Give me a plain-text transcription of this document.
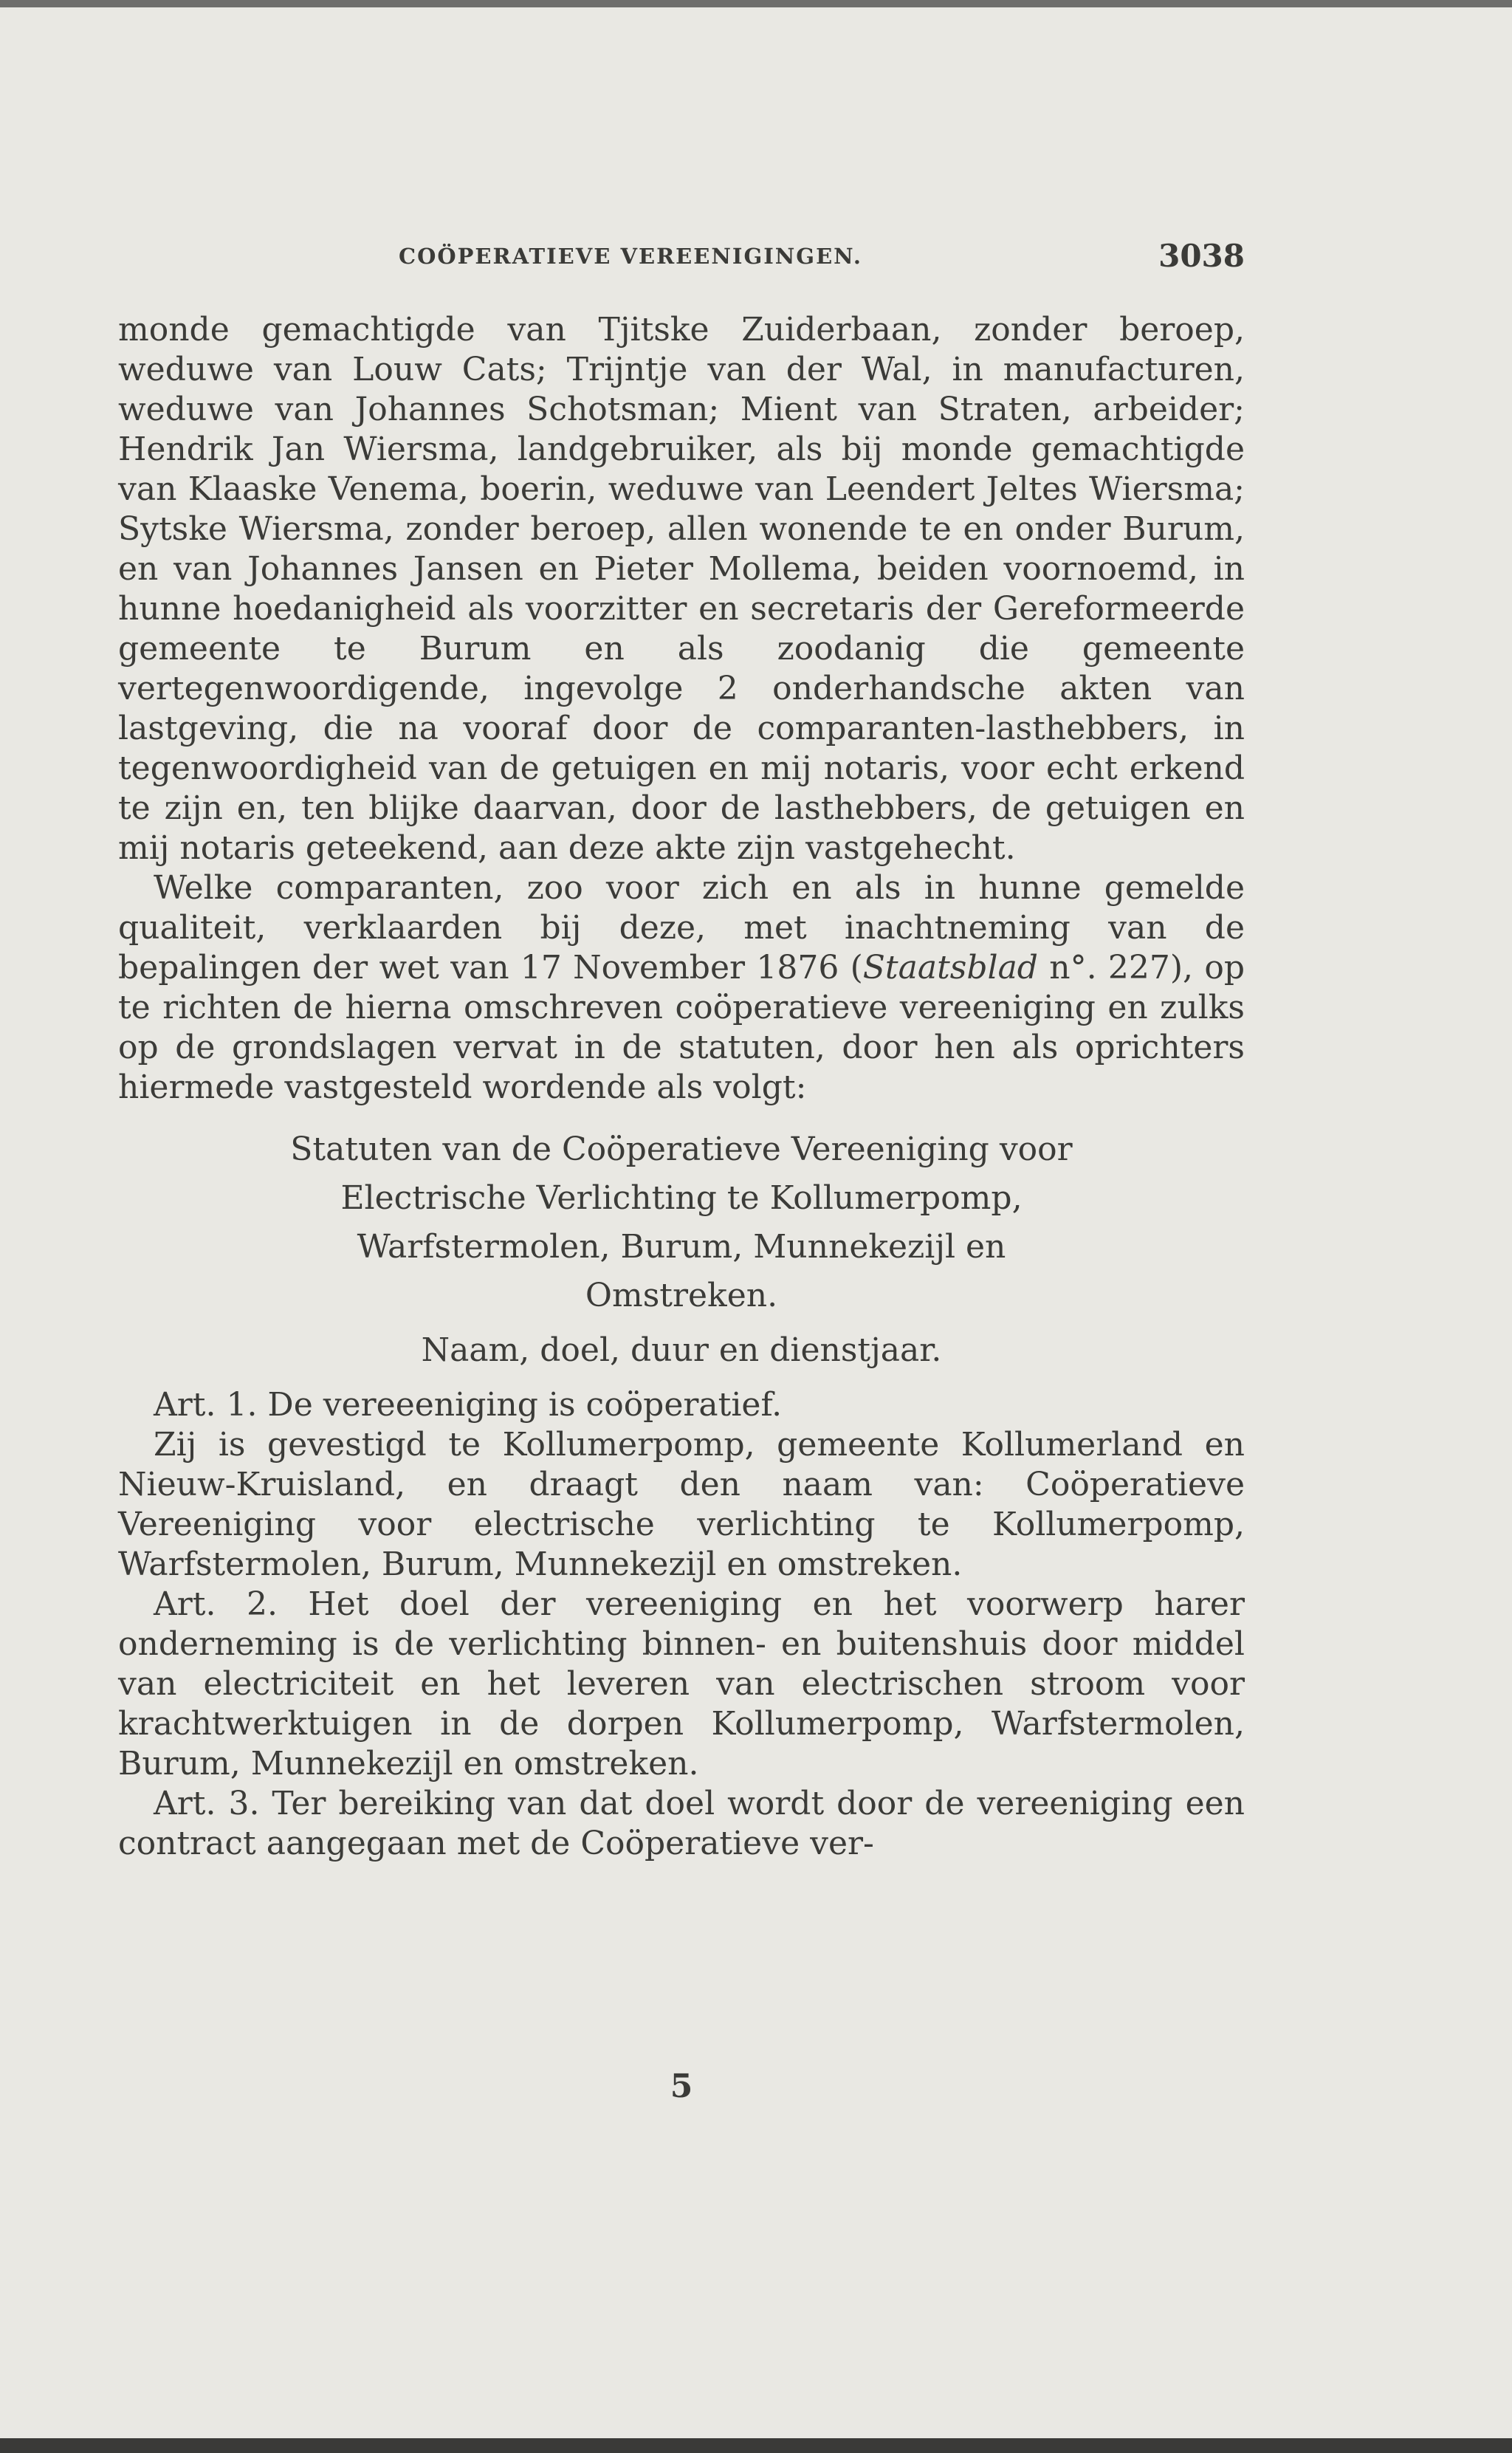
COÖPERATIEVE VEREENIGINGEN.	3038

monde gemachtigde van Tjitske Zuiderbaan, zonder beroep, weduwe van Louw Cats; Trijntje van der Wal, in manufacturen, weduwe van Johannes Schotsman; Mient van Straten, arbeider; Hendrik Jan Wiersma, landgebruiker, als bij monde gemachtigde van Klaaske Venema, boerin, weduwe van Leendert Jeltes Wiersma; Sytske Wiersma, zonder beroep, allen wonende te en onder Burum, en van Johannes Jansen en Pieter Mollema, beiden voornoemd, in hunne hoedanigheid als voorzitter en secretaris der Gereformeerde gemeente te Burum en als zoodanig die gemeente vertegenwoordigende, ingevolge 2 onderhandsche akten van lastgeving, die na vooraf door de comparanten-lasthebbers, in tegenwoordigheid van de getuigen en mij notaris, voor echt erkend te zijn en, ten blijke daarvan, door de lasthebbers, de getuigen en mij notaris geteekend, aan deze akte zijn vastgehecht.

Welke comparanten, zoo voor zich en als in hunne gemelde qualiteit, verklaarden bij deze, met inachtneming van de bepalingen der wet van 17 November 1876 (Staatsblad n°. 227), op te richten de hierna omschreven coöperatieve vereeniging en zulks op de grondslagen vervat in de statuten, door hen als oprichters hiermede vastgesteld wordende als volgt:

Statuten van de Coöperatieve Vereeniging voor
Electrische Verlichting te Kollumerpomp,
Warfstermolen, Burum, Munnekezijl en
Omstreken.

Naam, doel, duur en dienstjaar.

Art. 1. De vereeeniging is coöperatief.

Zij is gevestigd te Kollumerpomp, gemeente Kollumerland en Nieuw-Kruisland, en draagt den naam van: Coöperatieve Vereeniging voor electrische verlichting te Kollumerpomp, Warfstermolen, Burum, Munnekezijl en omstreken.

Art. 2. Het doel der vereeniging en het voorwerp harer onderneming is de verlichting binnen- en buitenshuis door middel van electriciteit en het leveren van electrischen stroom voor krachtwerktuigen in de dorpen Kollumerpomp, Warfstermolen, Burum, Munnekezijl en omstreken.

Art. 3. Ter bereiking van dat doel wordt door de vereeniging een contract aangegaan met de Coöperatieve ver-

5
